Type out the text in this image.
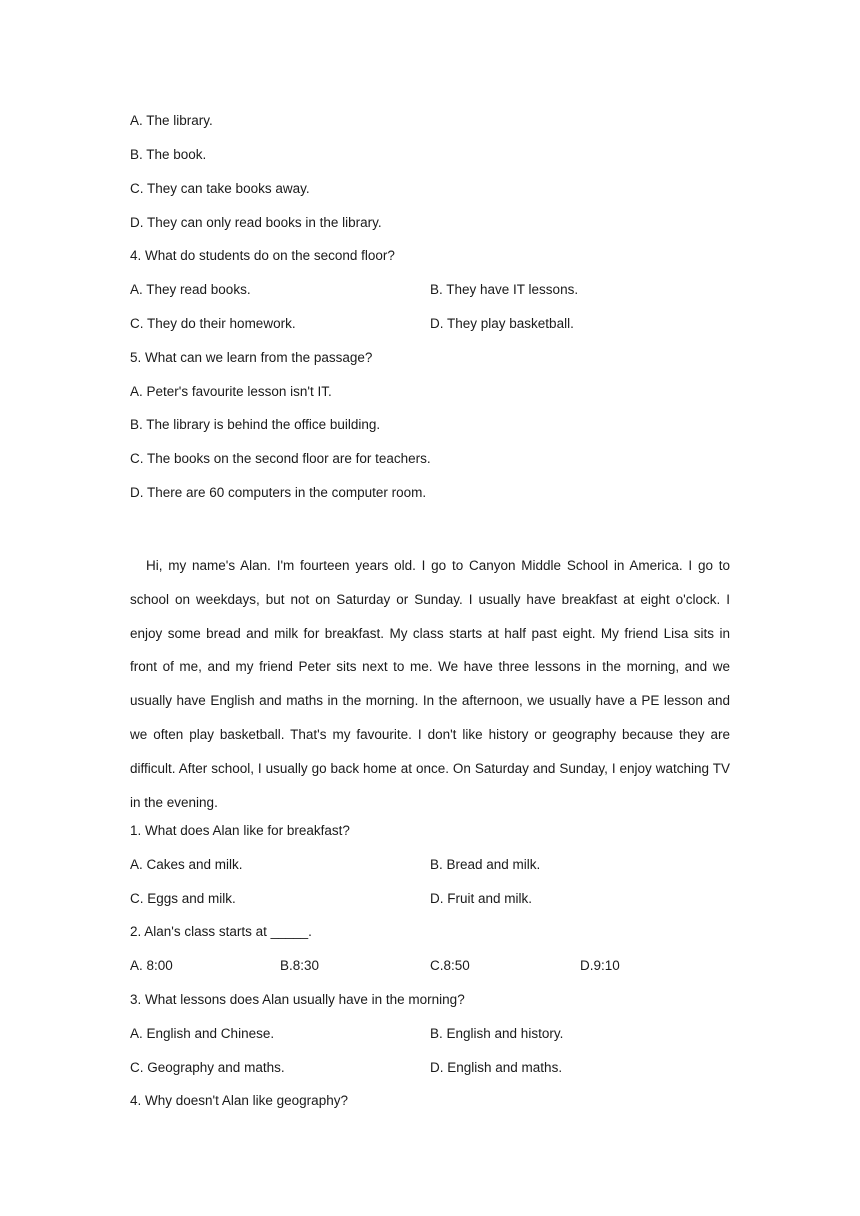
A. The library.
B. The book.
C. They can take books away.
D. They can only read books in the library.
4. What do students do on the second floor?
A. They read books.	B. They have IT lessons.
C. They do their homework.	D. They play basketball.
5. What can we learn from the passage?
A. Peter's favourite lesson isn't IT.
B. The library is behind the office building.
C. The books on the second floor are for teachers.
D. There are 60 computers in the computer room.
Hi, my name's Alan. I'm fourteen years old. I go to Canyon Middle School in America. I go to school on weekdays, but not on Saturday or Sunday. I usually have breakfast at eight o'clock. I enjoy some bread and milk for breakfast. My class starts at half past eight. My friend Lisa sits in front of me, and my friend Peter sits next to me. We have three lessons in the morning, and we usually have English and maths in the morning. In the afternoon, we usually have a PE lesson and we often play basketball. That's my favourite. I don't like history or geography because they are difficult. After school, I usually go back home at once. On Saturday and Sunday, I enjoy watching TV in the evening.
1. What does Alan like for breakfast?
A. Cakes and milk.	B. Bread and milk.
C. Eggs and milk.	D. Fruit and milk.
2. Alan's class starts at _____.
A. 8:00	B.8:30	C.8:50	D.9:10
3. What lessons does Alan usually have in the morning?
A. English and Chinese.	B. English and history.
C. Geography and maths.	D. English and maths.
4. Why doesn't Alan like geography?
